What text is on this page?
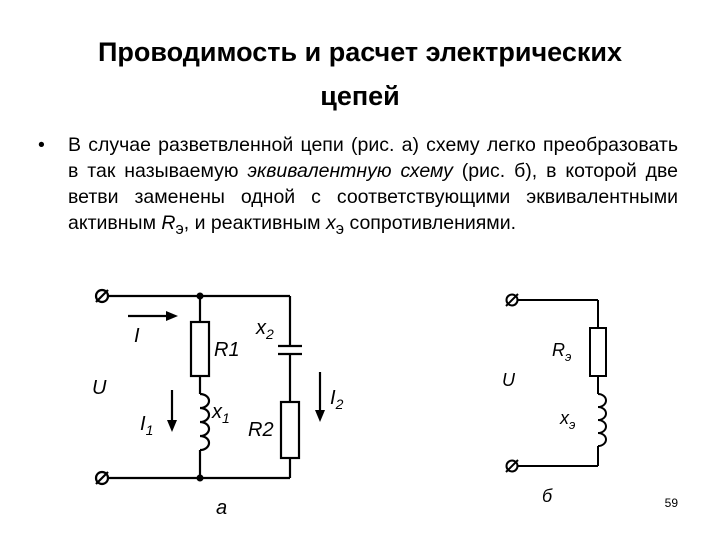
Проводимость и расчет электрических
цепей
• В случае разветвленной цепи (рис. а) схему легко преобразовать в так называемую эквивалентную схему (рис. б), в которой две ветви заменены одной с соответствующими эквивалентными активным $R_э$, и реактивным $x_э$ сопротивлениями.
I
U
$I_1$
R1
$x_1$
$x_2$
R2
$I_2$
а
U
$R_э$
$x_э$
б	59
